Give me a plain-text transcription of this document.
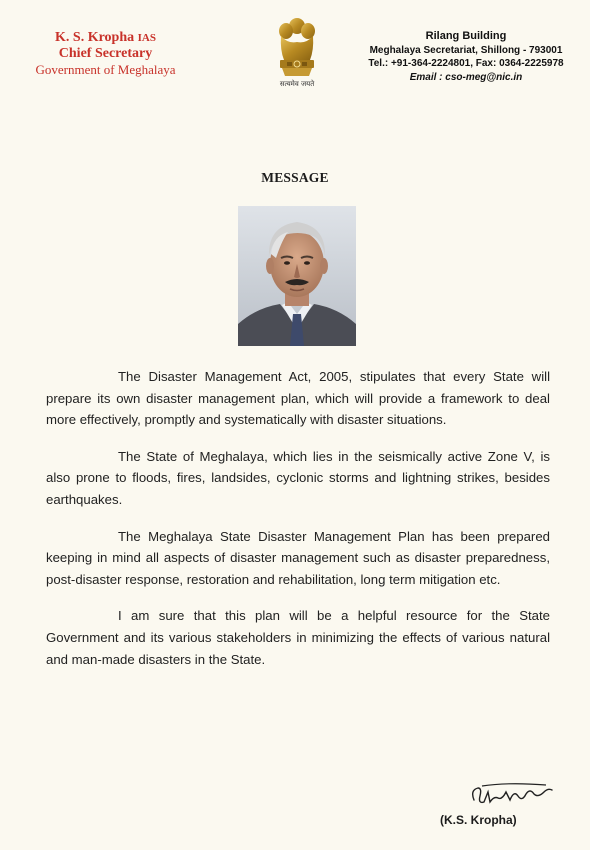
K. S. Kropha IAS
Chief Secretary
Government of Meghalaya
सत्यमेव जयते
Rilang Building
Meghalaya Secretariat, Shillong - 793001
Tel.: +91-364-2224801, Fax: 0364-2225978
Email : cso-meg@nic.in
MESSAGE

The Disaster Management Act, 2005, stipulates that every State will prepare its own disaster management plan, which will provide a framework to deal more effectively, promptly and systematically with disaster situations.

The State of Meghalaya, which lies in the seismically active Zone V, is also prone to floods, fires, landsides, cyclonic storms and lightning strikes, besides earthquakes.

The Meghalaya State Disaster Management Plan has been prepared keeping in mind all aspects of disaster management such as disaster preparedness, post-disaster response, restoration and rehabilitation, long term mitigation etc.

I am sure that this plan will be a helpful resource for the State Government and its various stakeholders in minimizing the effects of various natural and man-made disasters in the State.

(K.S. Kropha)
